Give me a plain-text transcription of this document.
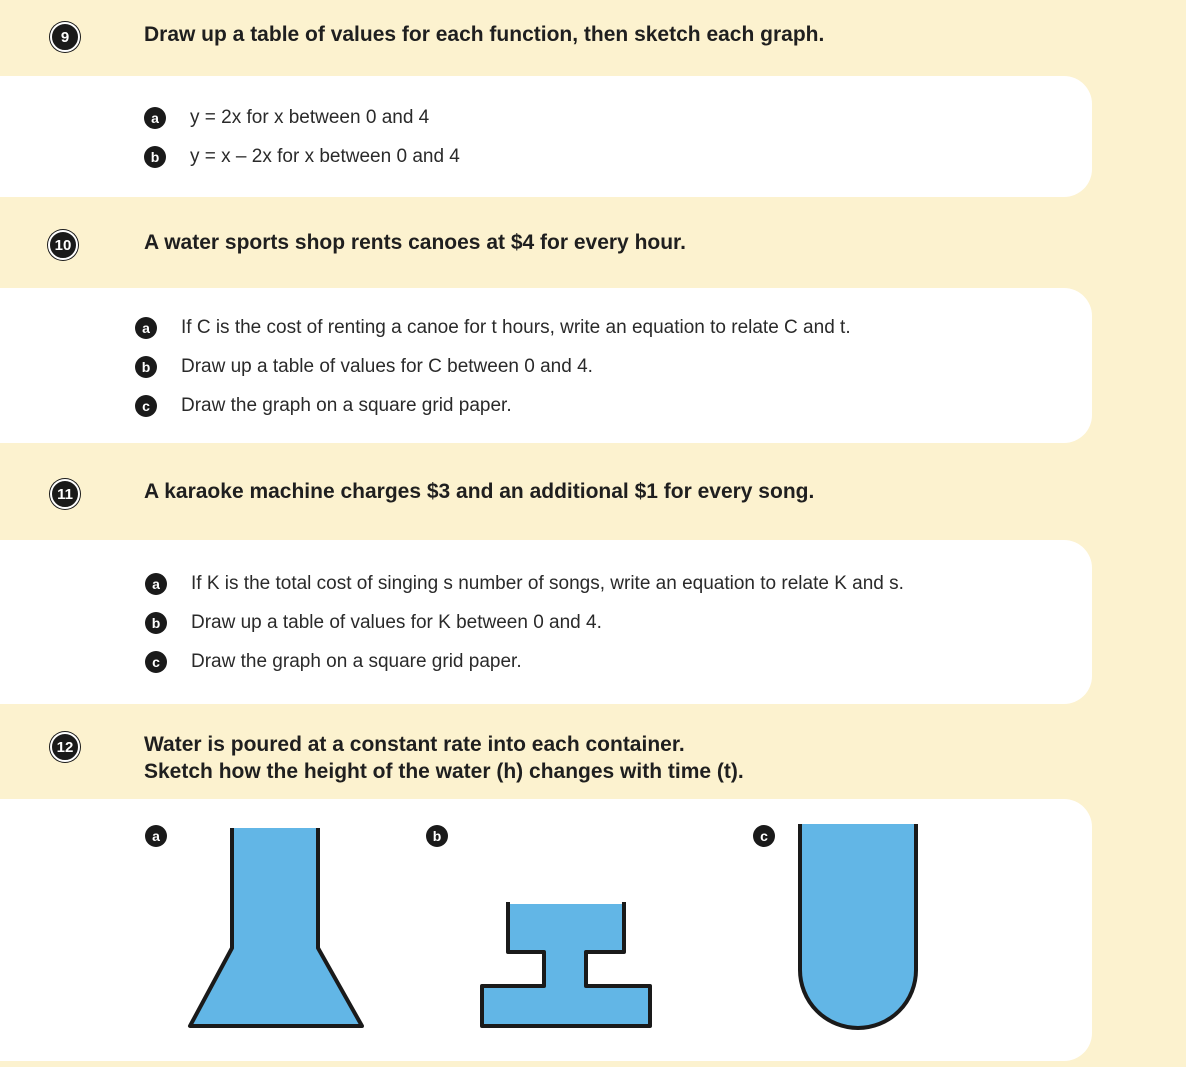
9	Draw up a table of values for each function, then sketch each graph.
a	y = 2x for x between 0 and 4
b	y = x – 2x for x between 0 and 4
10	A water sports shop rents canoes at $4 for every hour.
a	If C is the cost of renting a canoe for t hours, write an equation to relate C and t.
b	Draw up a table of values for C between 0 and 4.
c	Draw the graph on a square grid paper.
11	A karaoke machine charges $3 and an additional $1 for every song.
a	If K is the total cost of singing s number of songs, write an equation to relate K and s.
b	Draw up a table of values for K between 0 and 4.
c	Draw the graph on a square grid paper.
12	Water is poured at a constant rate into each container.
Sketch how the height of the water (h) changes with time (t).
a	b	c
